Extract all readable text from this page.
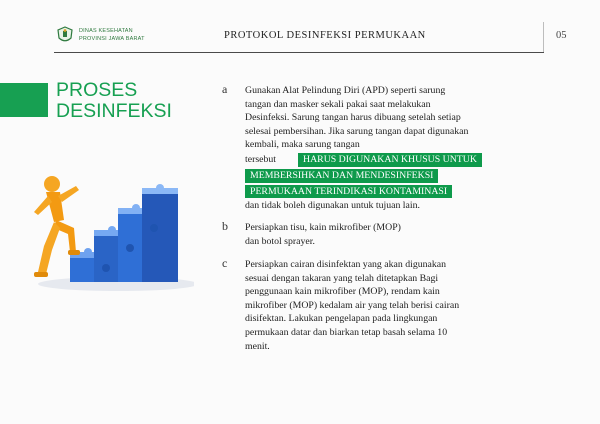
DINAS KESEHATAN
PROVINSI JAWA BARAT	PROTOKOL DESINFEKSI PERMUKAAN	05
PROSES
DESINFEKSI
a Gunakan Alat Pelindung Diri (APD) seperti sarung
tangan dan masker sekali pakai saat melakukan
Desinfeksi. Sarung tangan harus dibuang setelah setiap
selesai pembersihan. Jika sarung tangan dapat digunakan
kembali, maka sarung tangan
tersebut	HARUS DIGUNAKAN KHUSUS UNTUK
MEMBERSIHKAN DAN MENDESINFEKSI
PERMUKAAN TERINDIKASI KONTAMINASI
dan tidak boleh digunakan untuk tujuan lain.
b Persiapkan tisu, kain mikrofiber (MOP)
dan botol sprayer.
c Persiapkan cairan disinfektan yang akan digunakan
sesuai dengan takaran yang telah ditetapkan Bagi
penggunaan kain mikrofiber (MOP), rendam kain
mikrofiber (MOP) kedalam air yang telah berisi cairan
disifektan. Lakukan pengelapan pada lingkungan
permukaan datar dan biarkan tetap basah selama 10
menit.
